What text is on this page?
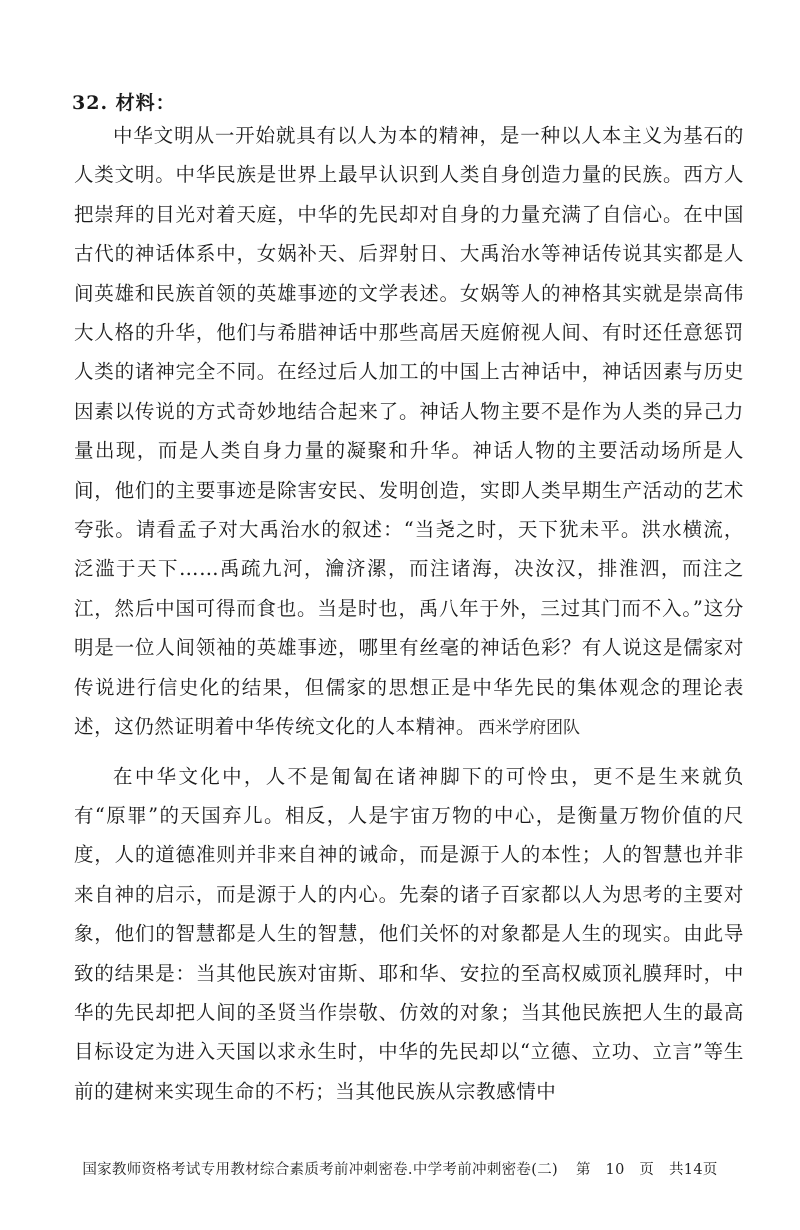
32. 材料：

中华文明从一开始就具有以人为本的精神，是一种以人本主义为基石的人类文明。中华民族是世界上最早认识到人类自身创造力量的民族。西方人把崇拜的目光对着天庭，中华的先民却对自身的力量充满了自信心。在中国古代的神话体系中，女娲补天、后羿射日、大禹治水等神话传说其实都是人间英雄和民族首领的英雄事迹的文学表述。女娲等人的神格其实就是崇高伟大人格的升华，他们与希腊神话中那些高居天庭俯视人间、有时还任意惩罚人类的诸神完全不同。在经过后人加工的中国上古神话中，神话因素与历史因素以传说的方式奇妙地结合起来了。神话人物主要不是作为人类的异己力量出现，而是人类自身力量的凝聚和升华。神话人物的主要活动场所是人间，他们的主要事迹是除害安民、发明创造，实即人类早期生产活动的艺术夸张。请看孟子对大禹治水的叙述：“当尧之时，天下犹未平。洪水横流，泛滥于天下……禹疏九河，瀹济漯，而注诸海，决汝汉，排淮泗，而注之江，然后中国可得而食也。当是时也，禹八年于外，三过其门而不入。”这分明是一位人间领袖的英雄事迹，哪里有丝毫的神话色彩？有人说这是儒家对传说进行信史化的结果，但儒家的思想正是中华先民的集体观念的理论表述，这仍然证明着中华传统文化的人本精神。 西米学府团队

在中华文化中，人不是匍匐在诸神脚下的可怜虫，更不是生来就负有“原罪”的天国弃儿。相反，人是宇宙万物的中心，是衡量万物价值的尺度，人的道德准则并非来自神的诫命，而是源于人的本性；人的智慧也并非来自神的启示，而是源于人的内心。先秦的诸子百家都以人为思考的主要对象，他们的智慧都是人生的智慧，他们关怀的对象都是人生的现实。由此导致的结果是：当其他民族对宙斯、耶和华、安拉的至高权威顶礼膜拜时，中华的先民却把人间的圣贤当作崇敬、仿效的对象；当其他民族把人生的最高目标设定为进入天国以求永生时，中华的先民却以“立德、立功、立言”等生前的建树来实现生命的不朽；当其他民族从宗教感情中

国家教师资格考试专用教材综合素质考前冲刺密卷.中学考前冲刺密卷(二) 第　10　页　共14页
